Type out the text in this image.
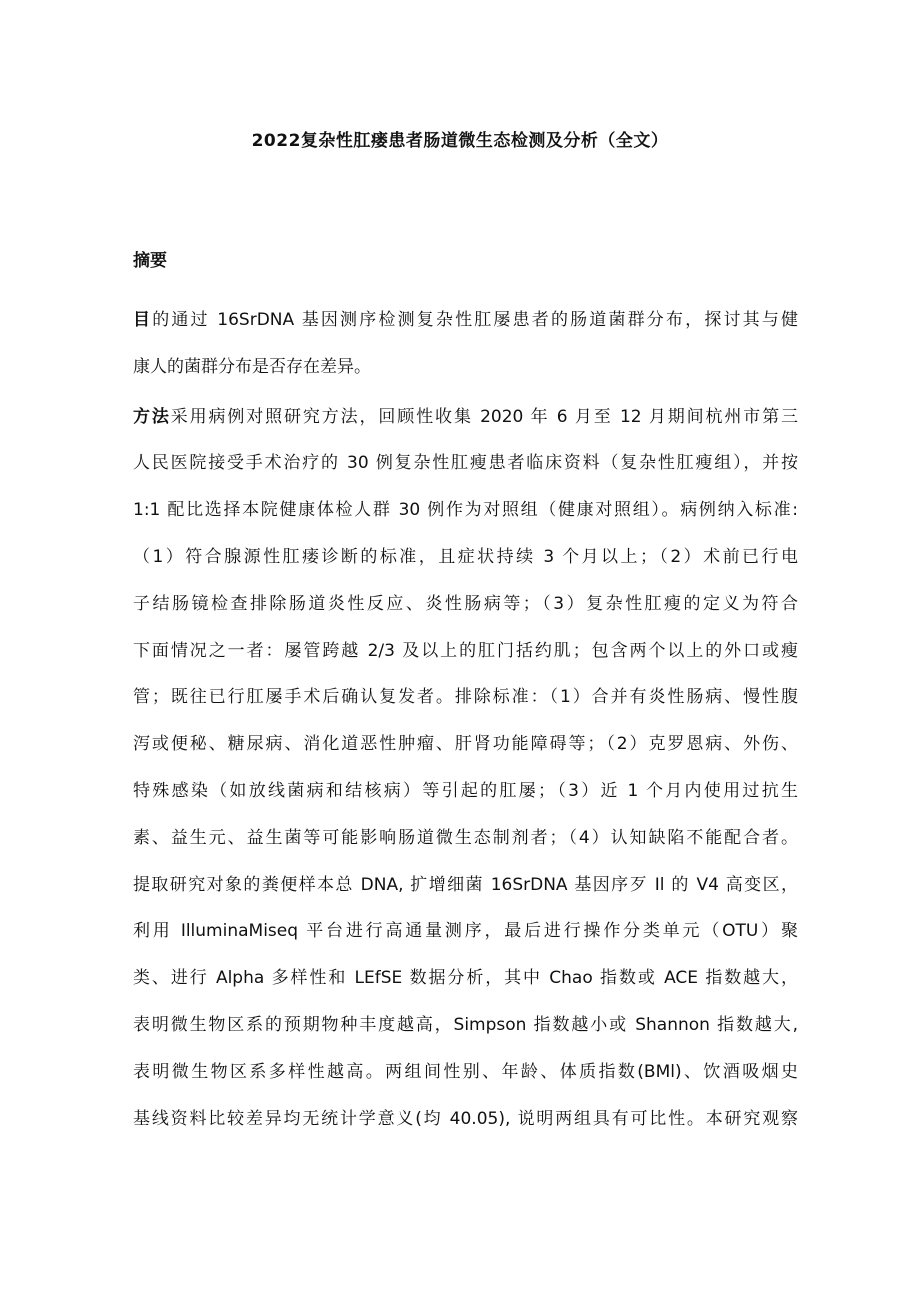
2022复杂性肛瘘患者肠道微生态检测及分析（全文）
摘要
目的通过 16SrDNA 基因测序检测复杂性肛屡患者的肠道菌群分布，探讨其与健
康人的菌群分布是否存在差异。
方法采用病例对照研究方法，回顾性收集 2020 年 6 月至 12 月期间杭州市第三
人民医院接受手术治疗的 30 例复杂性肛瘦患者临床资料（复杂性肛瘦组），并按
1:1 配比选择本院健康体检人群 30 例作为对照组（健康对照组）。病例纳入标准:
（1）符合腺源性肛瘘诊断的标准，且症状持续 3 个月以上；（2）术前已行电
子结肠镜检查排除肠道炎性反应、炎性肠病等；（3）复杂性肛瘦的定义为符合
下面情况之一者：屡管跨越 2/3 及以上的肛门括约肌；包含两个以上的外口或瘦
管；既往已行肛屡手术后确认复发者。排除标准：（1）合并有炎性肠病、慢性腹
泻或便秘、糖尿病、消化道恶性肿瘤、肝肾功能障碍等；（2）克罗恩病、外伤、
特殊感染（如放线菌病和结核病）等引起的肛屡；（3）近 1 个月内使用过抗生
素、益生元、益生菌等可能影响肠道微生态制剂者；（4）认知缺陷不能配合者。
提取研究对象的粪便样本总 DNA, 扩增细菌 16SrDNA 基因序歹 Il 的 V4 高变区，
利用 IlluminaMiseq 平台进行高通量测序，最后进行操作分类单元（OTU）聚
类、进行 Alpha 多样性和 LEfSE 数据分析，其中 Chao 指数或 ACE 指数越大，
表明微生物区系的预期物种丰度越高，Simpson 指数越小或 Shannon 指数越大,
表明微生物区系多样性越高。两组间性别、年龄、体质指数(BMl)、饮酒吸烟史
基线资料比较差异均无统计学意义(均 40.05), 说明两组具有可比性。本研究观察
